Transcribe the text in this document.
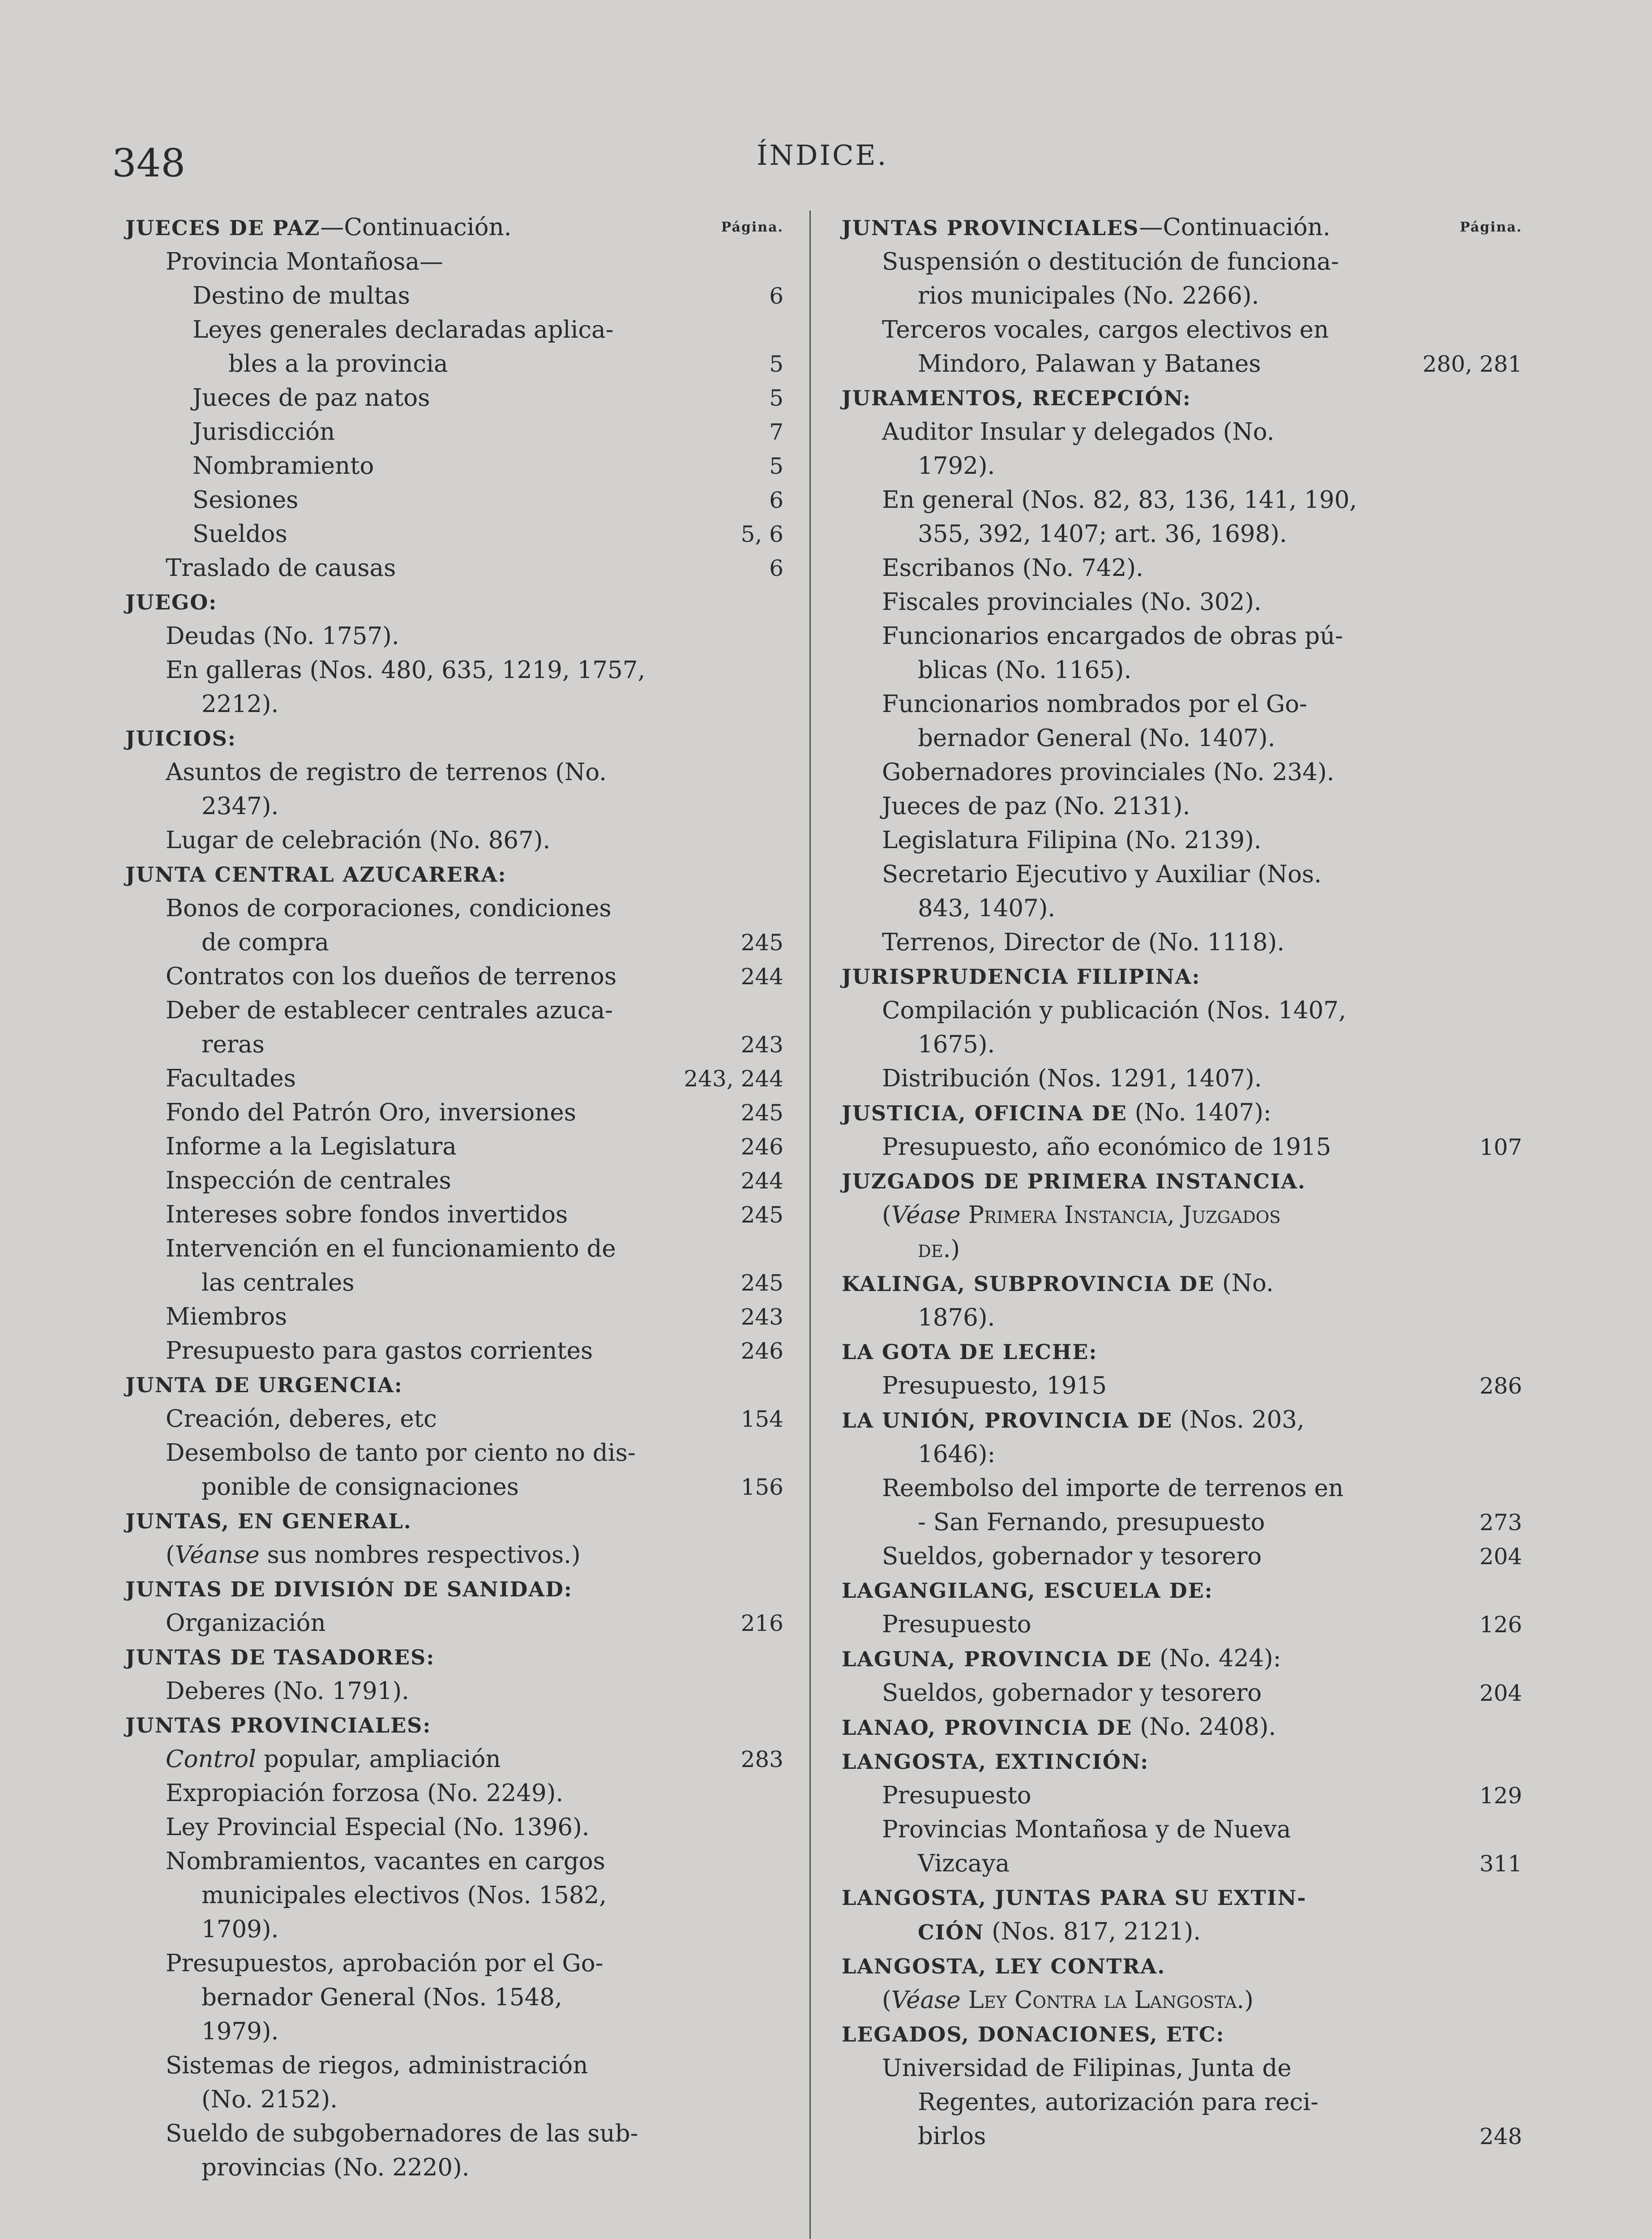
348	ÍNDICE.
JUECES DE PAZ—Continuación.	Página.
Provincia Montañosa—
Destino de multas	6
Leyes generales declaradas aplica-
bles a la provincia	5
Jueces de paz natos	5
Jurisdicción	7
Nombramiento	5
Sesiones	6
Sueldos	5, 6
Traslado de causas	6
JUEGO:
Deudas (No. 1757).
En galleras (Nos. 480, 635, 1219, 1757,
2212).
JUICIOS:
Asuntos de registro de terrenos (No.
2347).
Lugar de celebración (No. 867).
JUNTA CENTRAL AZUCARERA:
Bonos de corporaciones, condiciones
de compra	245
Contratos con los dueños de terrenos	244
Deber de establecer centrales azuca-
reras	243
Facultades	243, 244
Fondo del Patrón Oro, inversiones	245
Informe a la Legislatura	246
Inspección de centrales	244
Intereses sobre fondos invertidos	245
Intervención en el funcionamiento de
las centrales	245
Miembros	243
Presupuesto para gastos corrientes	246
JUNTA DE URGENCIA:
Creación, deberes, etc	154
Desembolso de tanto por ciento no dis-
ponible de consignaciones	156
JUNTAS, EN GENERAL.
(Véanse sus nombres respectivos.)
JUNTAS DE DIVISIÓN DE SANIDAD:
Organización	216
JUNTAS DE TASADORES:
Deberes (No. 1791).
JUNTAS PROVINCIALES:
Control popular, ampliación	283
Expropiación forzosa (No. 2249).
Ley Provincial Especial (No. 1396).
Nombramientos, vacantes en cargos
municipales electivos (Nos. 1582,
1709).
Presupuestos, aprobación por el Go-
bernador General (Nos. 1548,
1979).
Sistemas de riegos, administración
(No. 2152).
Sueldo de subgobernadores de las sub-
provincias (No. 2220).
JUNTAS PROVINCIALES—Continuación.	Página.
Suspensión o destitución de funciona-
rios municipales (No. 2266).
Terceros vocales, cargos electivos en
Mindoro, Palawan y Batanes	280, 281
JURAMENTOS, RECEPCIÓN:
Auditor Insular y delegados (No.
1792).
En general (Nos. 82, 83, 136, 141, 190,
355, 392, 1407; art. 36, 1698).
Escribanos (No. 742).
Fiscales provinciales (No. 302).
Funcionarios encargados de obras pú-
blicas (No. 1165).
Funcionarios nombrados por el Go-
bernador General (No. 1407).
Gobernadores provinciales (No. 234).
Jueces de paz (No. 2131).
Legislatura Filipina (No. 2139).
Secretario Ejecutivo y Auxiliar (Nos.
843, 1407).
Terrenos, Director de (No. 1118).
JURISPRUDENCIA FILIPINA:
Compilación y publicación (Nos. 1407,
1675).
Distribución (Nos. 1291, 1407).
JUSTICIA, OFICINA DE (No. 1407):
Presupuesto, año económico de 1915	107
JUZGADOS DE PRIMERA INSTANCIA.
(Véase Primera Instancia, Juzgados
de.)
KALINGA, SUBPROVINCIA DE (No.
1876).
LA GOTA DE LECHE:
Presupuesto, 1915	286
LA UNIÓN, PROVINCIA DE (Nos. 203,
1646):
Reembolso del importe de terrenos en
- San Fernando, presupuesto	273
Sueldos, gobernador y tesorero	204
LAGANGILANG, ESCUELA DE:
Presupuesto	126
LAGUNA, PROVINCIA DE (No. 424):
Sueldos, gobernador y tesorero	204
LANAO, PROVINCIA DE (No. 2408).
LANGOSTA, EXTINCIÓN:
Presupuesto	129
Provincias Montañosa y de Nueva
Vizcaya	311
LANGOSTA, JUNTAS PARA SU EXTIN-
CIÓN (Nos. 817, 2121).
LANGOSTA, LEY CONTRA.
(Véase Ley Contra la Langosta.)
LEGADOS, DONACIONES, ETC:
Universidad de Filipinas, Junta de
Regentes, autorización para reci-
birlos	248
